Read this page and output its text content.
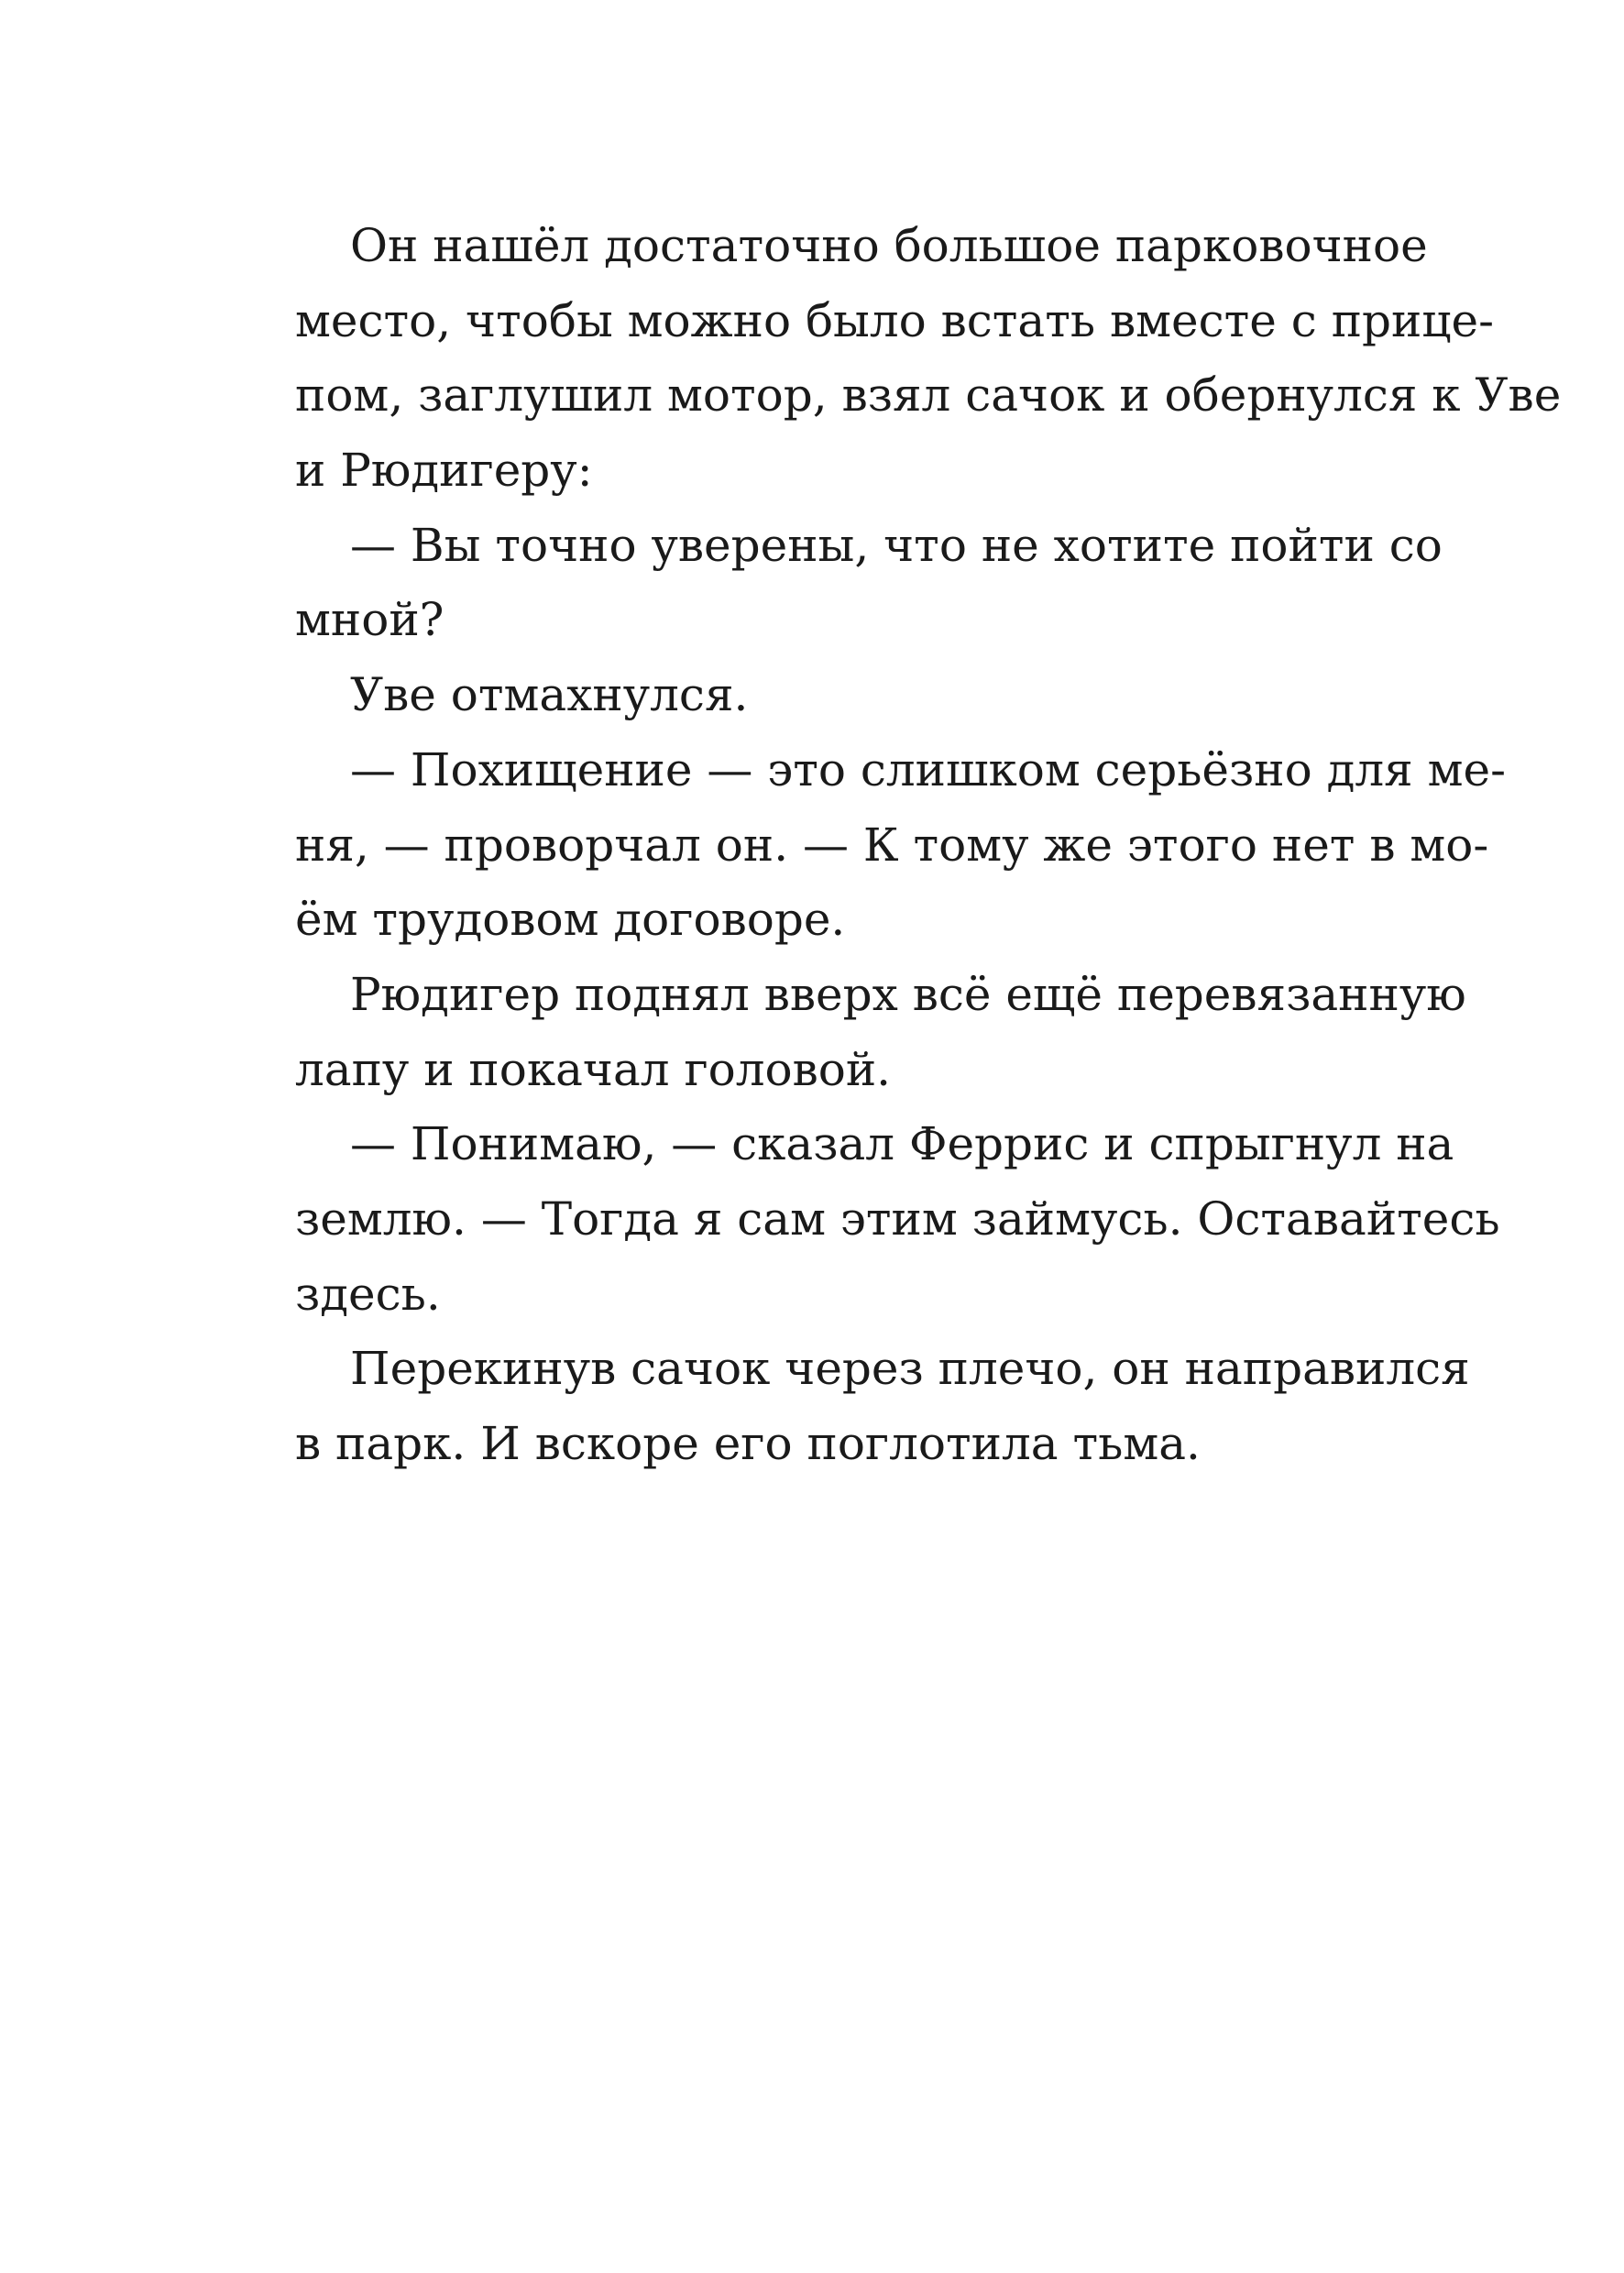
Он нашёл достаточно большое парковочное
место, чтобы можно было встать вместе с прице-
пом, заглушил мотор, взял сачок и обернулся к Уве
и Рюдигеру:
— Вы точно уверены, что не хотите пойти со
мной?
Уве отмахнулся.
— Похищение — это слишком серьёзно для ме-
ня, — проворчал он. — К тому же этого нет в мо-
ём трудовом договоре.
Рюдигер поднял вверх всё ещё перевязанную
лапу и покачал головой.
— Понимаю, — сказал Феррис и спрыгнул на
землю. — Тогда я сам этим займусь. Оставайтесь
здесь.
Перекинув сачок через плечо, он направился
в парк. И вскоре его поглотила тьма.
